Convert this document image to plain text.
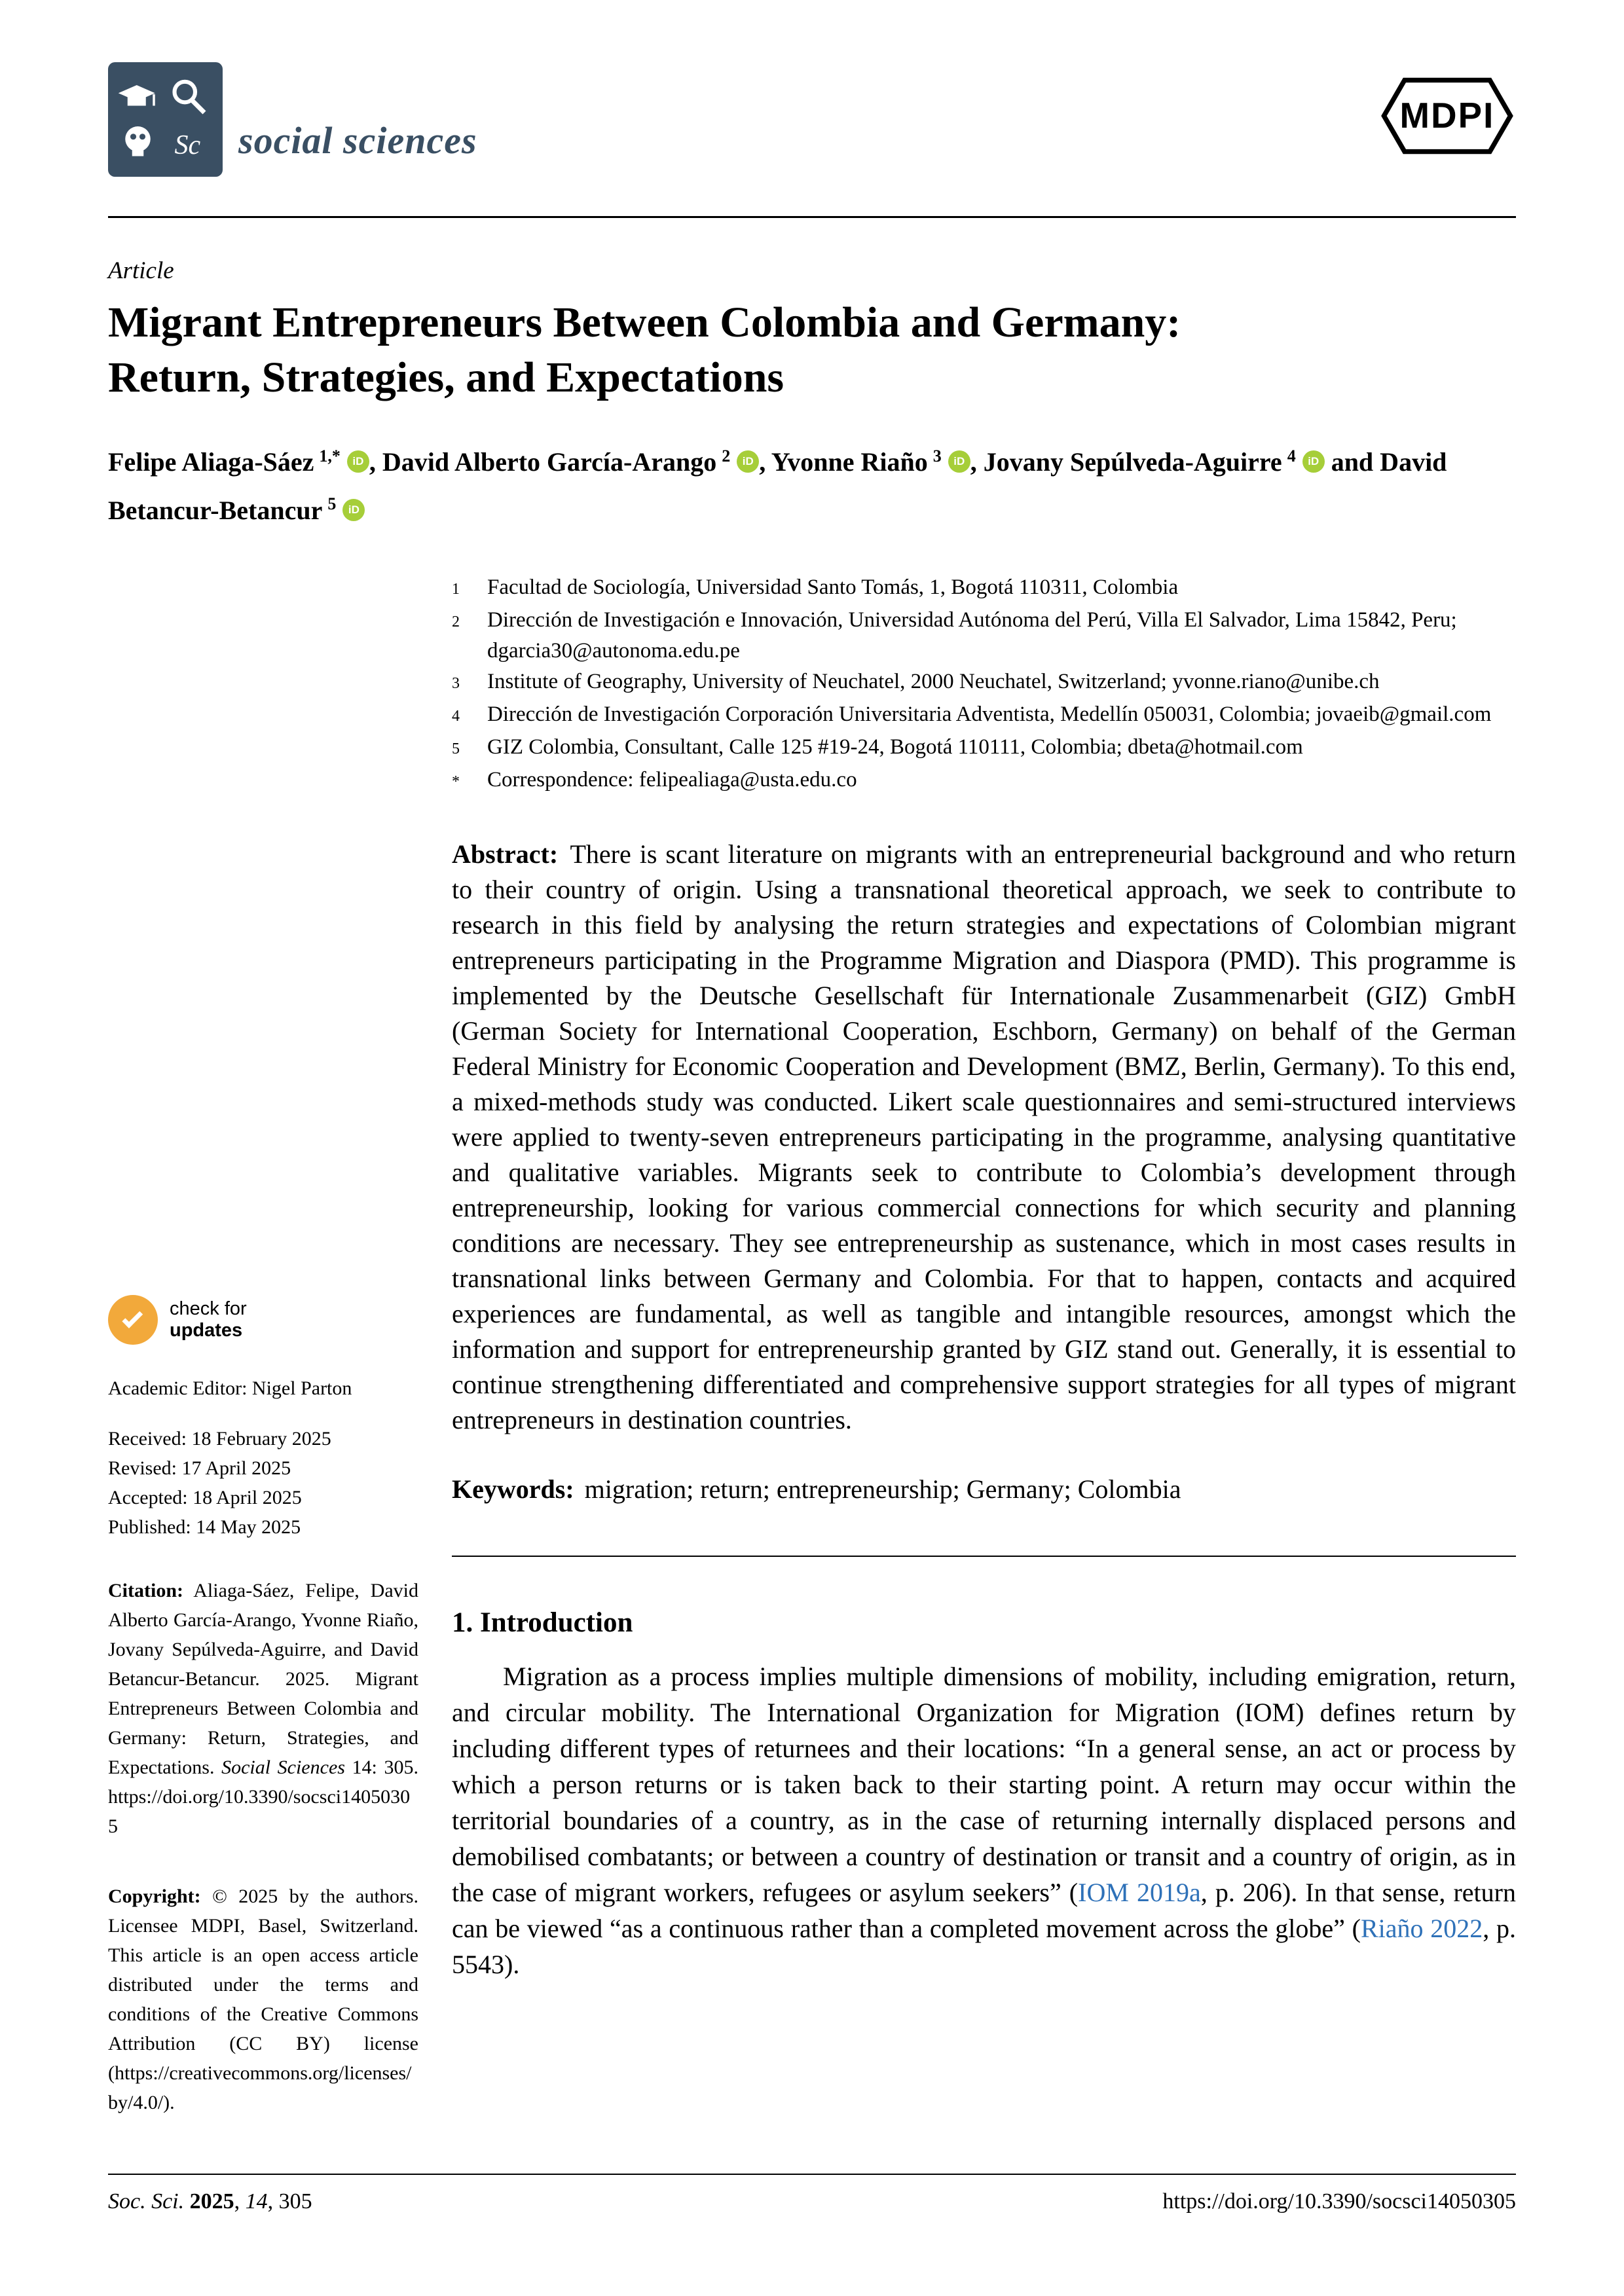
Sc social sciences
MDPI
Article
Migrant Entrepreneurs Between Colombia and Germany:
Return, Strategies, and Expectations
Felipe Aliaga-Sáez $^{1,*}$ iD , David Alberto García-Arango $^2$ iD , Yvonne Riaño $^3$ iD , Jovany Sepúlveda-Aguirre $^4$ iD and David Betancur-Betancur $^5$ iD
1	Facultad de Sociología, Universidad Santo Tomás, 1, Bogotá 110311, Colombia
2	Dirección de Investigación e Innovación, Universidad Autónoma del Perú, Villa El Salvador, Lima 15842, Peru; dgarcia30@autonoma.edu.pe
3	Institute of Geography, University of Neuchatel, 2000 Neuchatel, Switzerland; yvonne.riano@unibe.ch
4	Dirección de Investigación Corporación Universitaria Adventista, Medellín 050031, Colombia; jovaeib@gmail.com
5	GIZ Colombia, Consultant, Calle 125 #19-24, Bogotá 110111, Colombia; dbeta@hotmail.com
*	Correspondence: felipealiaga@usta.edu.co

Abstract: There is scant literature on migrants with an entrepreneurial background and who return to their country of origin. Using a transnational theoretical approach, we seek to contribute to research in this field by analysing the return strategies and expectations of Colombian migrant entrepreneurs participating in the Programme Migration and Diaspora (PMD). This programme is implemented by the Deutsche Gesellschaft für Internationale Zusammenarbeit (GIZ) GmbH (German Society for International Cooperation, Eschborn, Germany) on behalf of the German Federal Ministry for Economic Cooperation and Development (BMZ, Berlin, Germany). To this end, a mixed-methods study was conducted. Likert scale questionnaires and semi-structured interviews were applied to twenty-seven entrepreneurs participating in the programme, analysing quantitative and qualitative variables. Migrants seek to contribute to Colombia’s development through entrepreneurship, looking for various commercial connections for which security and planning conditions are necessary. They see entrepreneurship as sustenance, which in most cases results in transnational links between Germany and Colombia. For that to happen, contacts and acquired experiences are fundamental, as well as tangible and intangible resources, amongst which the information and support for entrepreneurship granted by GIZ stand out. Generally, it is essential to continue strengthening differentiated and comprehensive support strategies for all types of migrant entrepreneurs in destination countries.

Keywords: migration; return; entrepreneurship; Germany; Colombia

1. Introduction

Migration as a process implies multiple dimensions of mobility, including emigration, return, and circular mobility. The International Organization for Migration (IOM) defines return by including different types of returnees and their locations: “In a general sense, an act or process by which a person returns or is taken back to their starting point. A return may occur within the territorial boundaries of a country, as in the case of returning internally displaced persons and demobilised combatants; or between a country of destination or transit and a country of origin, as in the case of migrant workers, refugees or asylum seekers” (IOM 2019a, p. 206). In that sense, return can be viewed “as a continuous rather than a completed movement across the globe” (Riaño 2022, p. 5543).

check for
updates

Academic Editor: Nigel Parton

Received: 18 February 2025
Revised: 17 April 2025
Accepted: 18 April 2025
Published: 14 May 2025

Citation: Aliaga-Sáez, Felipe, David Alberto García-Arango, Yvonne Riaño, Jovany Sepúlveda-Aguirre, and David Betancur-Betancur. 2025. Migrant Entrepreneurs Between Colombia and Germany: Return, Strategies, and Expectations. Social Sciences 14: 305. https://doi.org/10.3390/socsci14050305

Copyright: © 2025 by the authors. Licensee MDPI, Basel, Switzerland. This article is an open access article distributed under the terms and conditions of the Creative Commons Attribution (CC BY) license (https://creativecommons.org/licenses/by/4.0/).

Soc. Sci. 2025, 14, 305	https://doi.org/10.3390/socsci14050305
